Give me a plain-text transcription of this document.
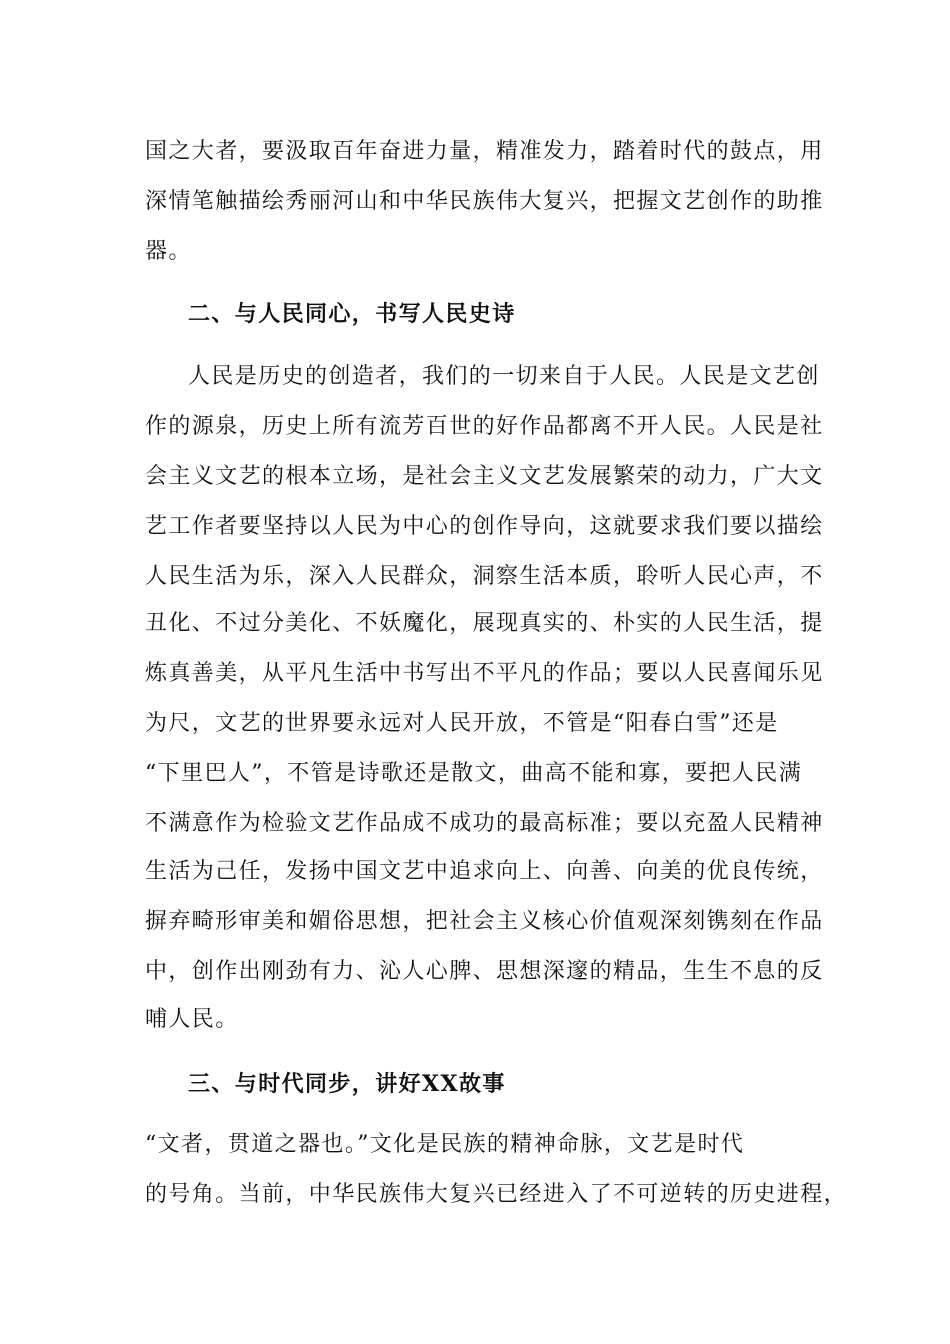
国之大者，要汲取百年奋进力量，精准发力，踏着时代的鼓点，用
深情笔触描绘秀丽河山和中华民族伟大复兴，把握文艺创作的助推
器。
二、与人民同心，书写人民史诗
人民是历史的创造者，我们的一切来自于人民。人民是文艺创
作的源泉，历史上所有流芳百世的好作品都离不开人民。人民是社
会主义文艺的根本立场，是社会主义文艺发展繁荣的动力，广大文
艺工作者要坚持以人民为中心的创作导向，这就要求我们要以描绘
人民生活为乐，深入人民群众，洞察生活本质，聆听人民心声，不
丑化、不过分美化、不妖魔化，展现真实的、朴实的人民生活，提
炼真善美，从平凡生活中书写出不平凡的作品；要以人民喜闻乐见
为尺，文艺的世界要永远对人民开放，不管是“阳春白雪”还是
“下里巴人”，不管是诗歌还是散文，曲高不能和寡，要把人民满
不满意作为检验文艺作品成不成功的最高标准；要以充盈人民精神
生活为己任，发扬中国文艺中追求向上、向善、向美的优良传统，
摒弃畸形审美和媚俗思想，把社会主义核心价值观深刻镌刻在作品
中，创作出刚劲有力、沁人心脾、思想深邃的精品，生生不息的反
哺人民。
三、与时代同步，讲好XX故事
“文者，贯道之器也。”文化是民族的精神命脉，文艺是时代
的号角。当前，中华民族伟大复兴已经进入了不可逆转的历史进程，
